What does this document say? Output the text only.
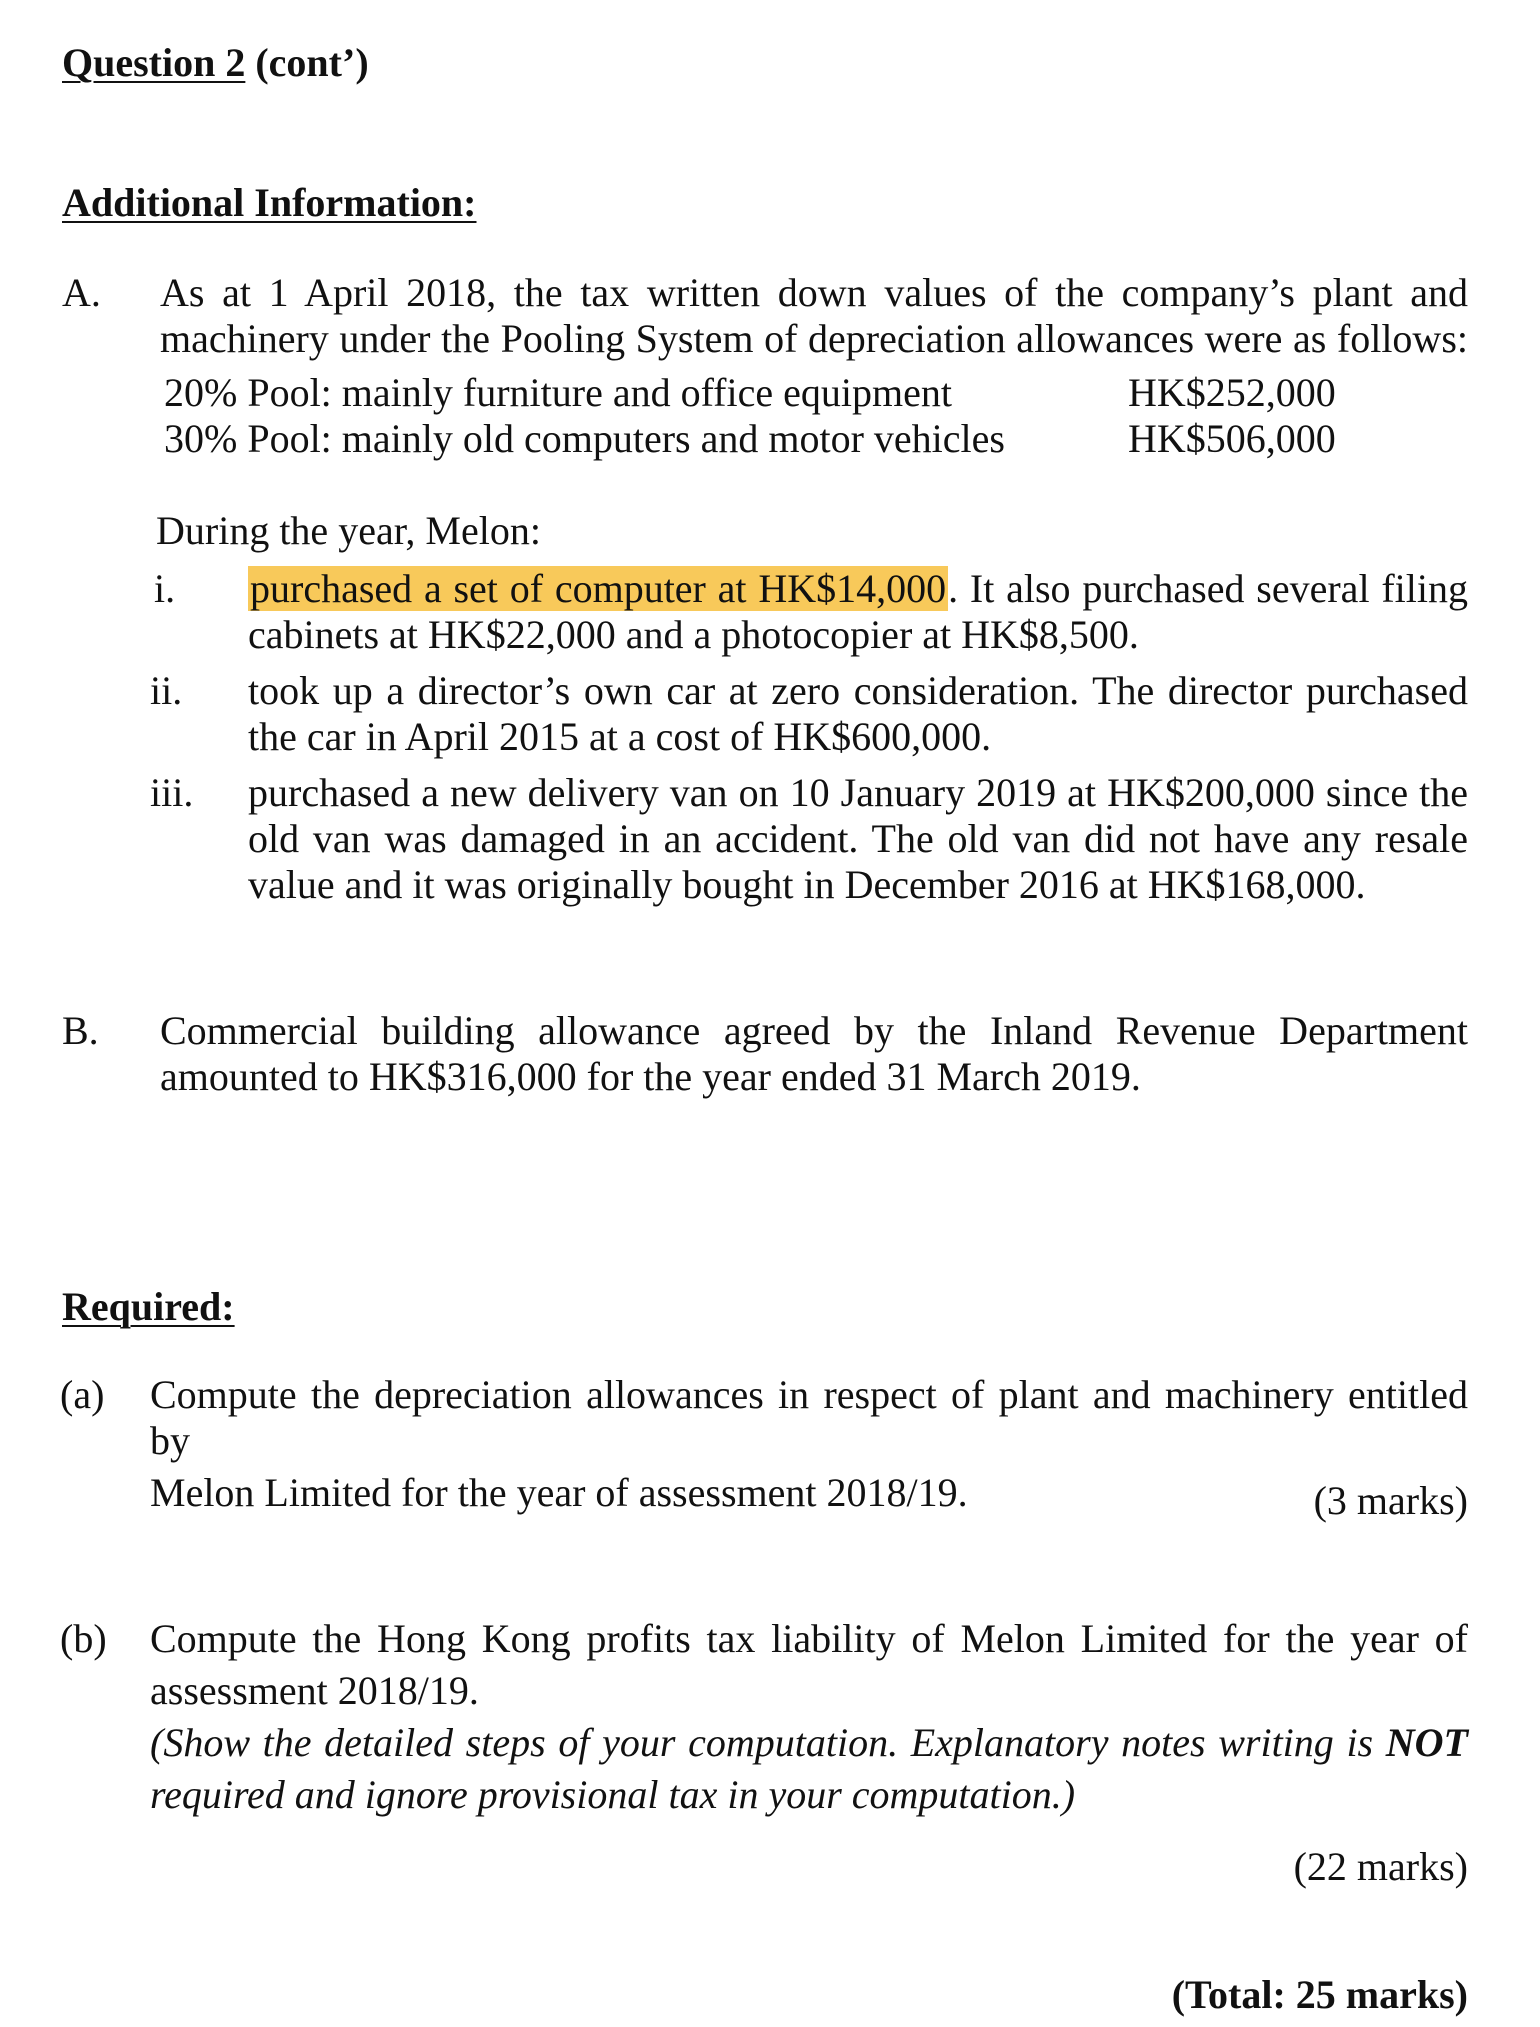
Question 2 (cont’)
Additional Information:
A. As at 1 April 2018, the tax written down values of the company’s plant and
machinery under the Pooling System of depreciation allowances were as follows:
20% Pool: mainly furniture and office equipment	HK$252,000
30% Pool: mainly old computers and motor vehicles	HK$506,000
During the year, Melon:
i. purchased a set of computer at HK$14,000. It also purchased several filing
cabinets at HK$22,000 and a photocopier at HK$8,500.
ii. took up a director’s own car at zero consideration. The director purchased
the car in April 2015 at a cost of HK$600,000.
iii. purchased a new delivery van on 10 January 2019 at HK$200,000 since the
old van was damaged in an accident. The old van did not have any resale
value and it was originally bought in December 2016 at HK$168,000.
B. Commercial building allowance agreed by the Inland Revenue Department
amounted to HK$316,000 for the year ended 31 March 2019.
Required:
(a) Compute the depreciation allowances in respect of plant and machinery entitled by
Melon Limited for the year of assessment 2018/19.	(3 marks)
(b) Compute the Hong Kong profits tax liability of Melon Limited for the year of
assessment 2018/19.
(Show the detailed steps of your computation. Explanatory notes writing is NOT
required and ignore provisional tax in your computation.)
(22 marks)
(Total: 25 marks)
